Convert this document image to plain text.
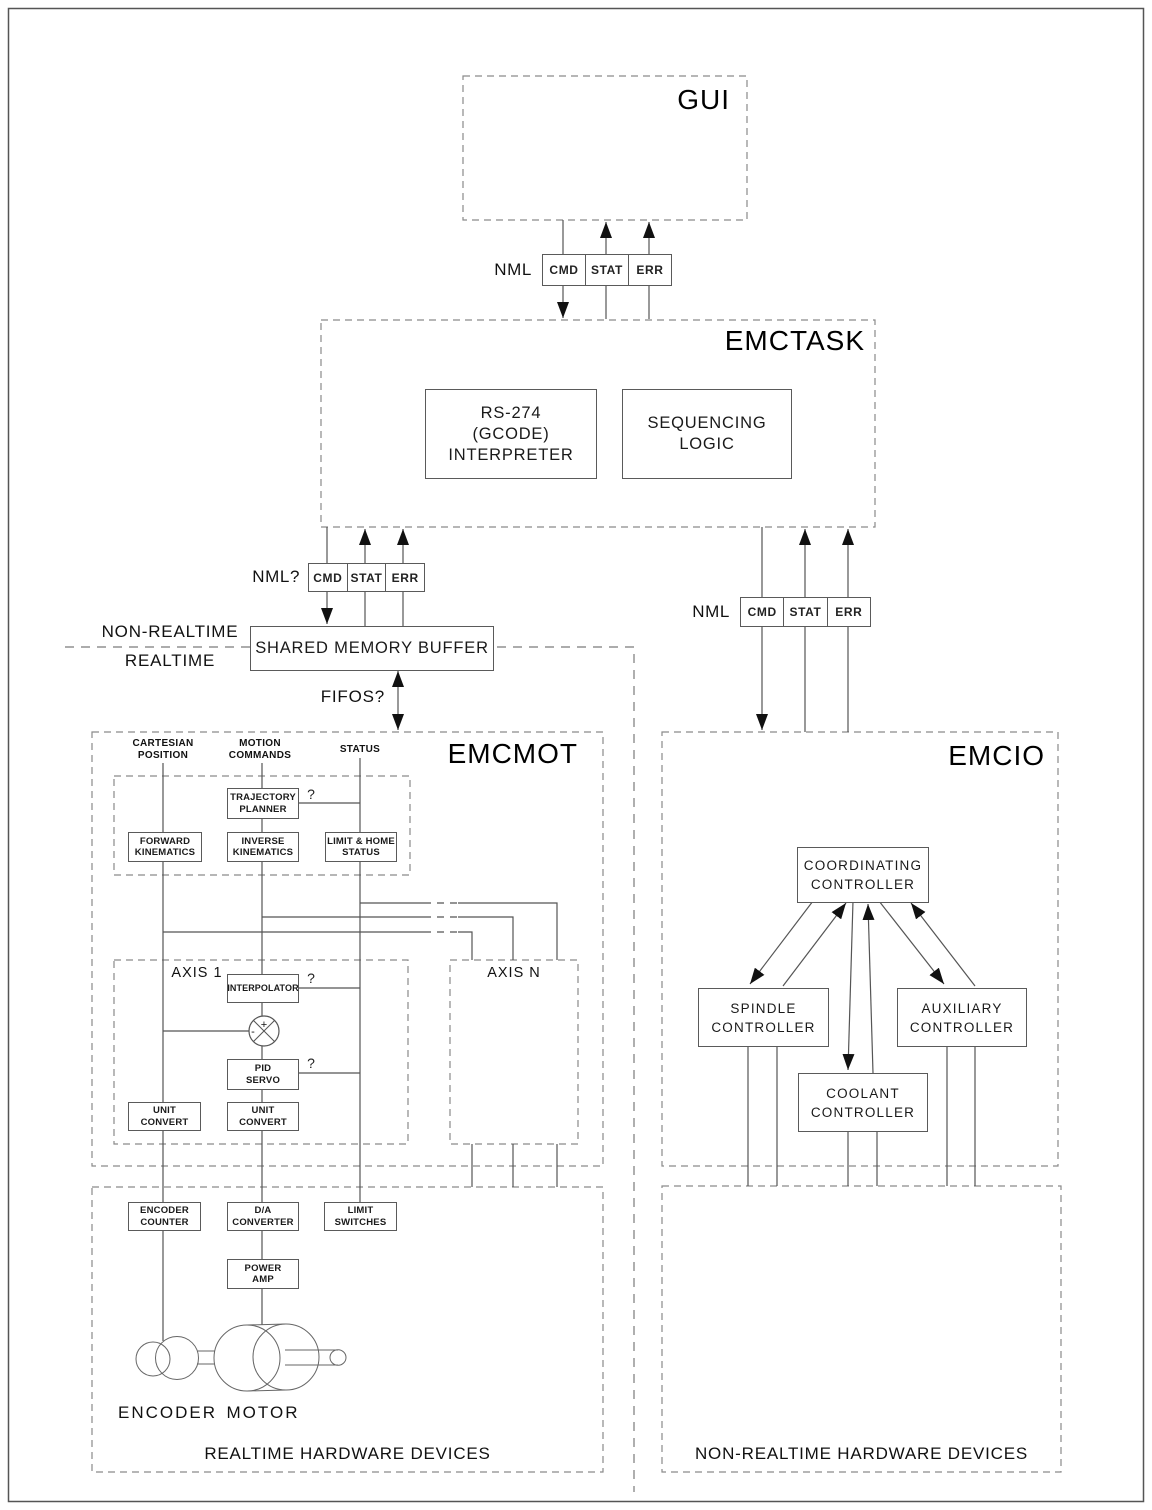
+
-
GUI
EMCTASK
EMCMOT	EMCIO
NML	CMD	STAT	ERR
NML?	CMD STAT ERR
NML	CMD	STAT	ERR
RS-274
(GCODE)
INTERPRETER
SEQUENCING
LOGIC
NON-REALTIME
REALTIME
SHARED MEMORY BUFFER
FIFOS?
CARTESIAN
POSITION
MOTION
COMMANDS	STATUS
TRAJECTORY
PLANNER
FORWARD
KINEMATICS
INVERSE
KINEMATICS
LIMIT & HOME
STATUS
?
?
?
AXIS 1	AXIS N
INTERPOLATOR
PID
SERVO
UNIT
CONVERT
UNIT
CONVERT
ENCODER
COUNTER
D/A
CONVERTER
LIMIT
SWITCHES
POWER
AMP
ENCODER MOTOR
REALTIME HARDWARE DEVICES	NON-REALTIME HARDWARE DEVICES
COORDINATING
CONTROLLER
SPINDLE
CONTROLLER
AUXILIARY
CONTROLLER
COOLANT
CONTROLLER
